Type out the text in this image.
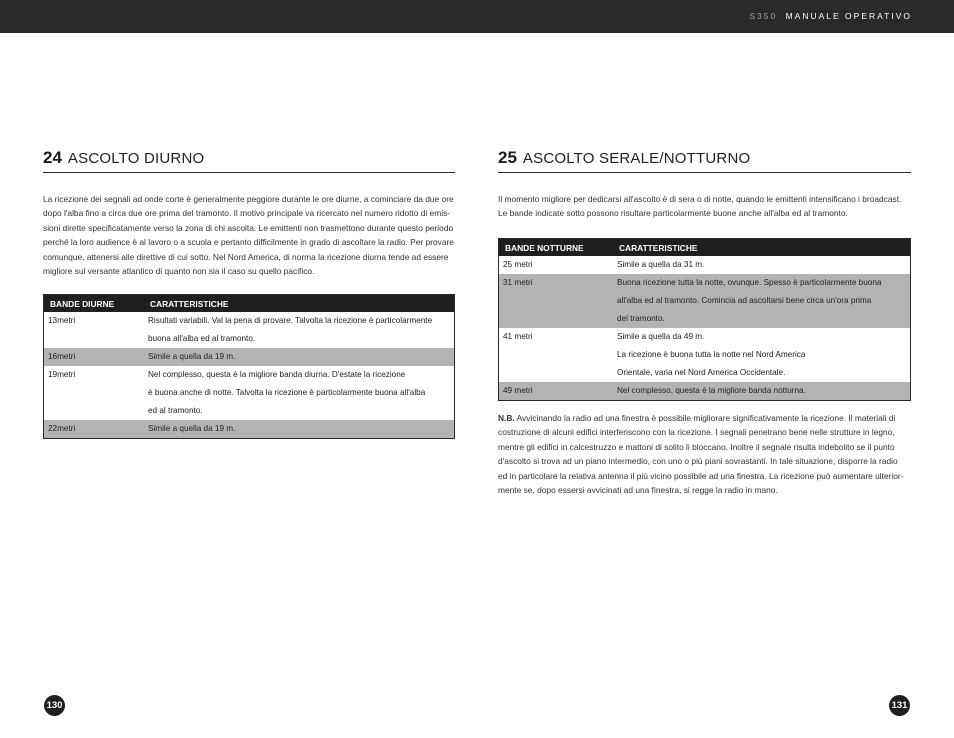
S350 MANUALE OPERATIVO
24 ASCOLTO DIURNO
La ricezione dei segnali ad onde corte è generalmente peggiore durante le ore diurne, a cominciare da due ore
dopo l'alba fino a circa due ore prima del tramonto. Il motivo principale va ricercato nel numero ridotto di emis-
sioni dirette specificatamente verso la zona di chi ascolta. Le emittenti non trasmettono durante questo periodo
perché la loro audience è al lavoro o a scuola e pertanto difficilmente in grado di ascoltare la radio. Per provare
comunque, attenersi alle direttive di cui sotto. Nel Nord America, di norma la ricezione diurna tende ad essere
migliore sul versante atlantico di quanto non sia il caso su quello pacifico.
BANDE DIURNE	CARATTERISTICHE
13metri	Risultati variabili. Val la pena di provare. Talvolta la ricezione è particolarmente
buona all'alba ed al tramonto.

16metri	Simile a quella da 19 m.

19metri	Nel complesso, questa è la migliore banda diurna. D'estate la ricezione
è buona anche di notte. Talvolta la ricezione è particolarmente buona all'alba
ed al tramonto.

22metri	Simile a quella da 19 m.
25 ASCOLTO SERALE/NOTTURNO
Il momento migliore per dedicarsi all'ascolto è di sera o di notte, quando le emittenti intensificano i broadcast.
Le bande indicate sotto possono risultare particolarmente buone anche all'alba ed al tramonto.
BANDE NOTTURNE	CARATTERISTICHE
25 metri	Simile a quella da 31 m.

31 metri	Buona ricezione tutta la notte, ovunque. Spesso è particolarmente buona
all'alba ed al tramonto. Comincia ad ascoltarsi bene circa un'ora prima
del tramonto.

41 metri	Simile a quella da 49 m.
La ricezione è buona tutta la notte nel Nord America
Orientale, varia nel Nord America Occidentale.

49 metri	Nel complesso, questa è la migliore banda notturna.
N.B. Avvicinando la radio ad una finestra è possibile migliorare significativamente la ricezione. Il materiali di
costruzione di alcuni edifici interferiscono con la ricezione. I segnali penetrano bene nelle strutture in legno,
mentre gli edifici in calcestruzzo e mattoni di solito li bloccano. Inoltre il segnale risulta indebolito se il punto
d'ascolto si trova ad un piano intermedio, con uno o più piani sovrastanti. In tale situazione, disporre la radio
ed in particolare la relativa antenna il più vicino possibile ad una finestra. La ricezione può aumentare ulterior-
mente se, dopo essersi avvicinati ad una finestra, si regge la radio in mano.
130	131
